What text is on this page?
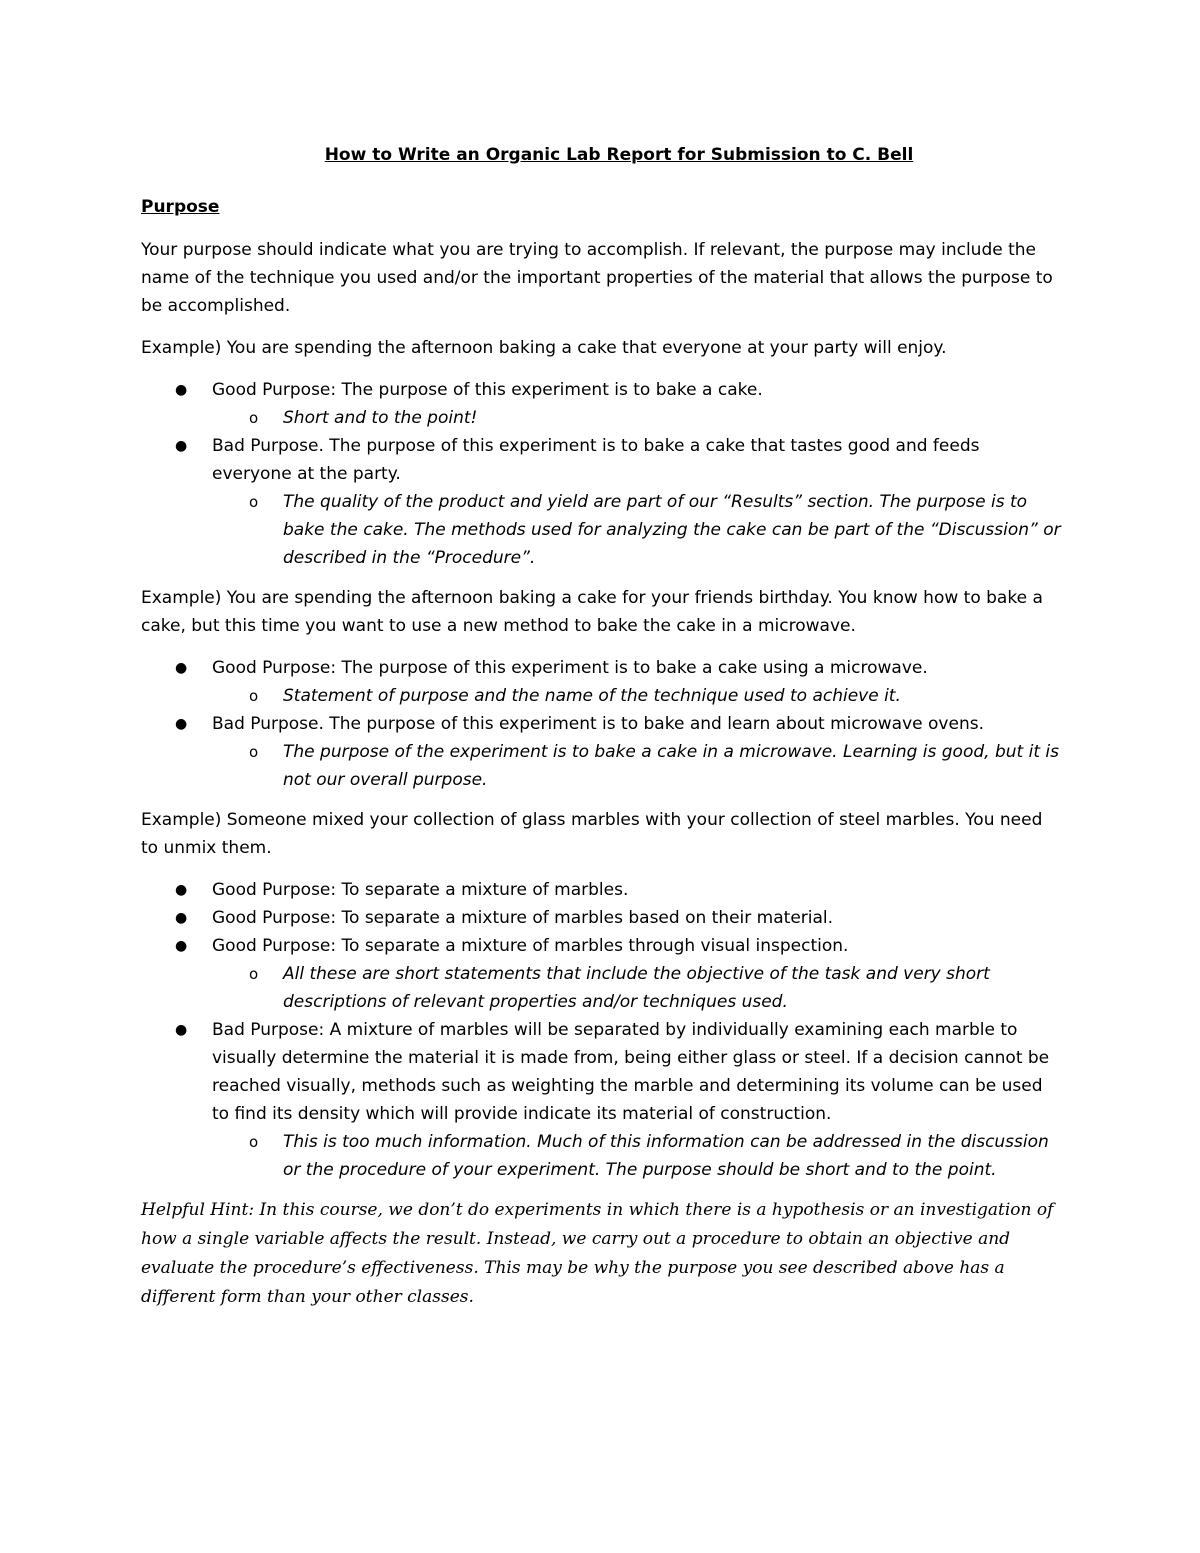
How to Write an Organic Lab Report for Submission to C. Bell
Purpose

Your purpose should indicate what you are trying to accomplish. If relevant, the purpose may include the name of the technique you used and/or the important properties of the material that allows the purpose to be accomplished.

Example) You are spending the afternoon baking a cake that everyone at your party will enjoy.

● Good Purpose: The purpose of this experiment is to bake a cake.
o Short and to the point!
● Bad Purpose. The purpose of this experiment is to bake a cake that tastes good and feeds everyone at the party.
o The quality of the product and yield are part of our “Results” section. The purpose is to bake the cake. The methods used for analyzing the cake can be part of the “Discussion” or described in the “Procedure”.

Example) You are spending the afternoon baking a cake for your friends birthday. You know how to bake a cake, but this time you want to use a new method to bake the cake in a microwave.

● Good Purpose: The purpose of this experiment is to bake a cake using a microwave.
o Statement of purpose and the name of the technique used to achieve it.
● Bad Purpose. The purpose of this experiment is to bake and learn about microwave ovens.
o The purpose of the experiment is to bake a cake in a microwave. Learning is good, but it is not our overall purpose.

Example) Someone mixed your collection of glass marbles with your collection of steel marbles. You need to unmix them.

● Good Purpose: To separate a mixture of marbles.
● Good Purpose: To separate a mixture of marbles based on their material.
● Good Purpose: To separate a mixture of marbles through visual inspection.
o All these are short statements that include the objective of the task and very short descriptions of relevant properties and/or techniques used.
● Bad Purpose: A mixture of marbles will be separated by individually examining each marble to visually determine the material it is made from, being either glass or steel. If a decision cannot be reached visually, methods such as weighting the marble and determining its volume can be used to find its density which will provide indicate its material of construction.
o This is too much information. Much of this information can be addressed in the discussion or the procedure of your experiment. The purpose should be short and to the point.

Helpful Hint: In this course, we don’t do experiments in which there is a hypothesis or an investigation of how a single variable affects the result. Instead, we carry out a procedure to obtain an objective and evaluate the procedure’s effectiveness. This may be why the purpose you see described above has a different form than your other classes.
